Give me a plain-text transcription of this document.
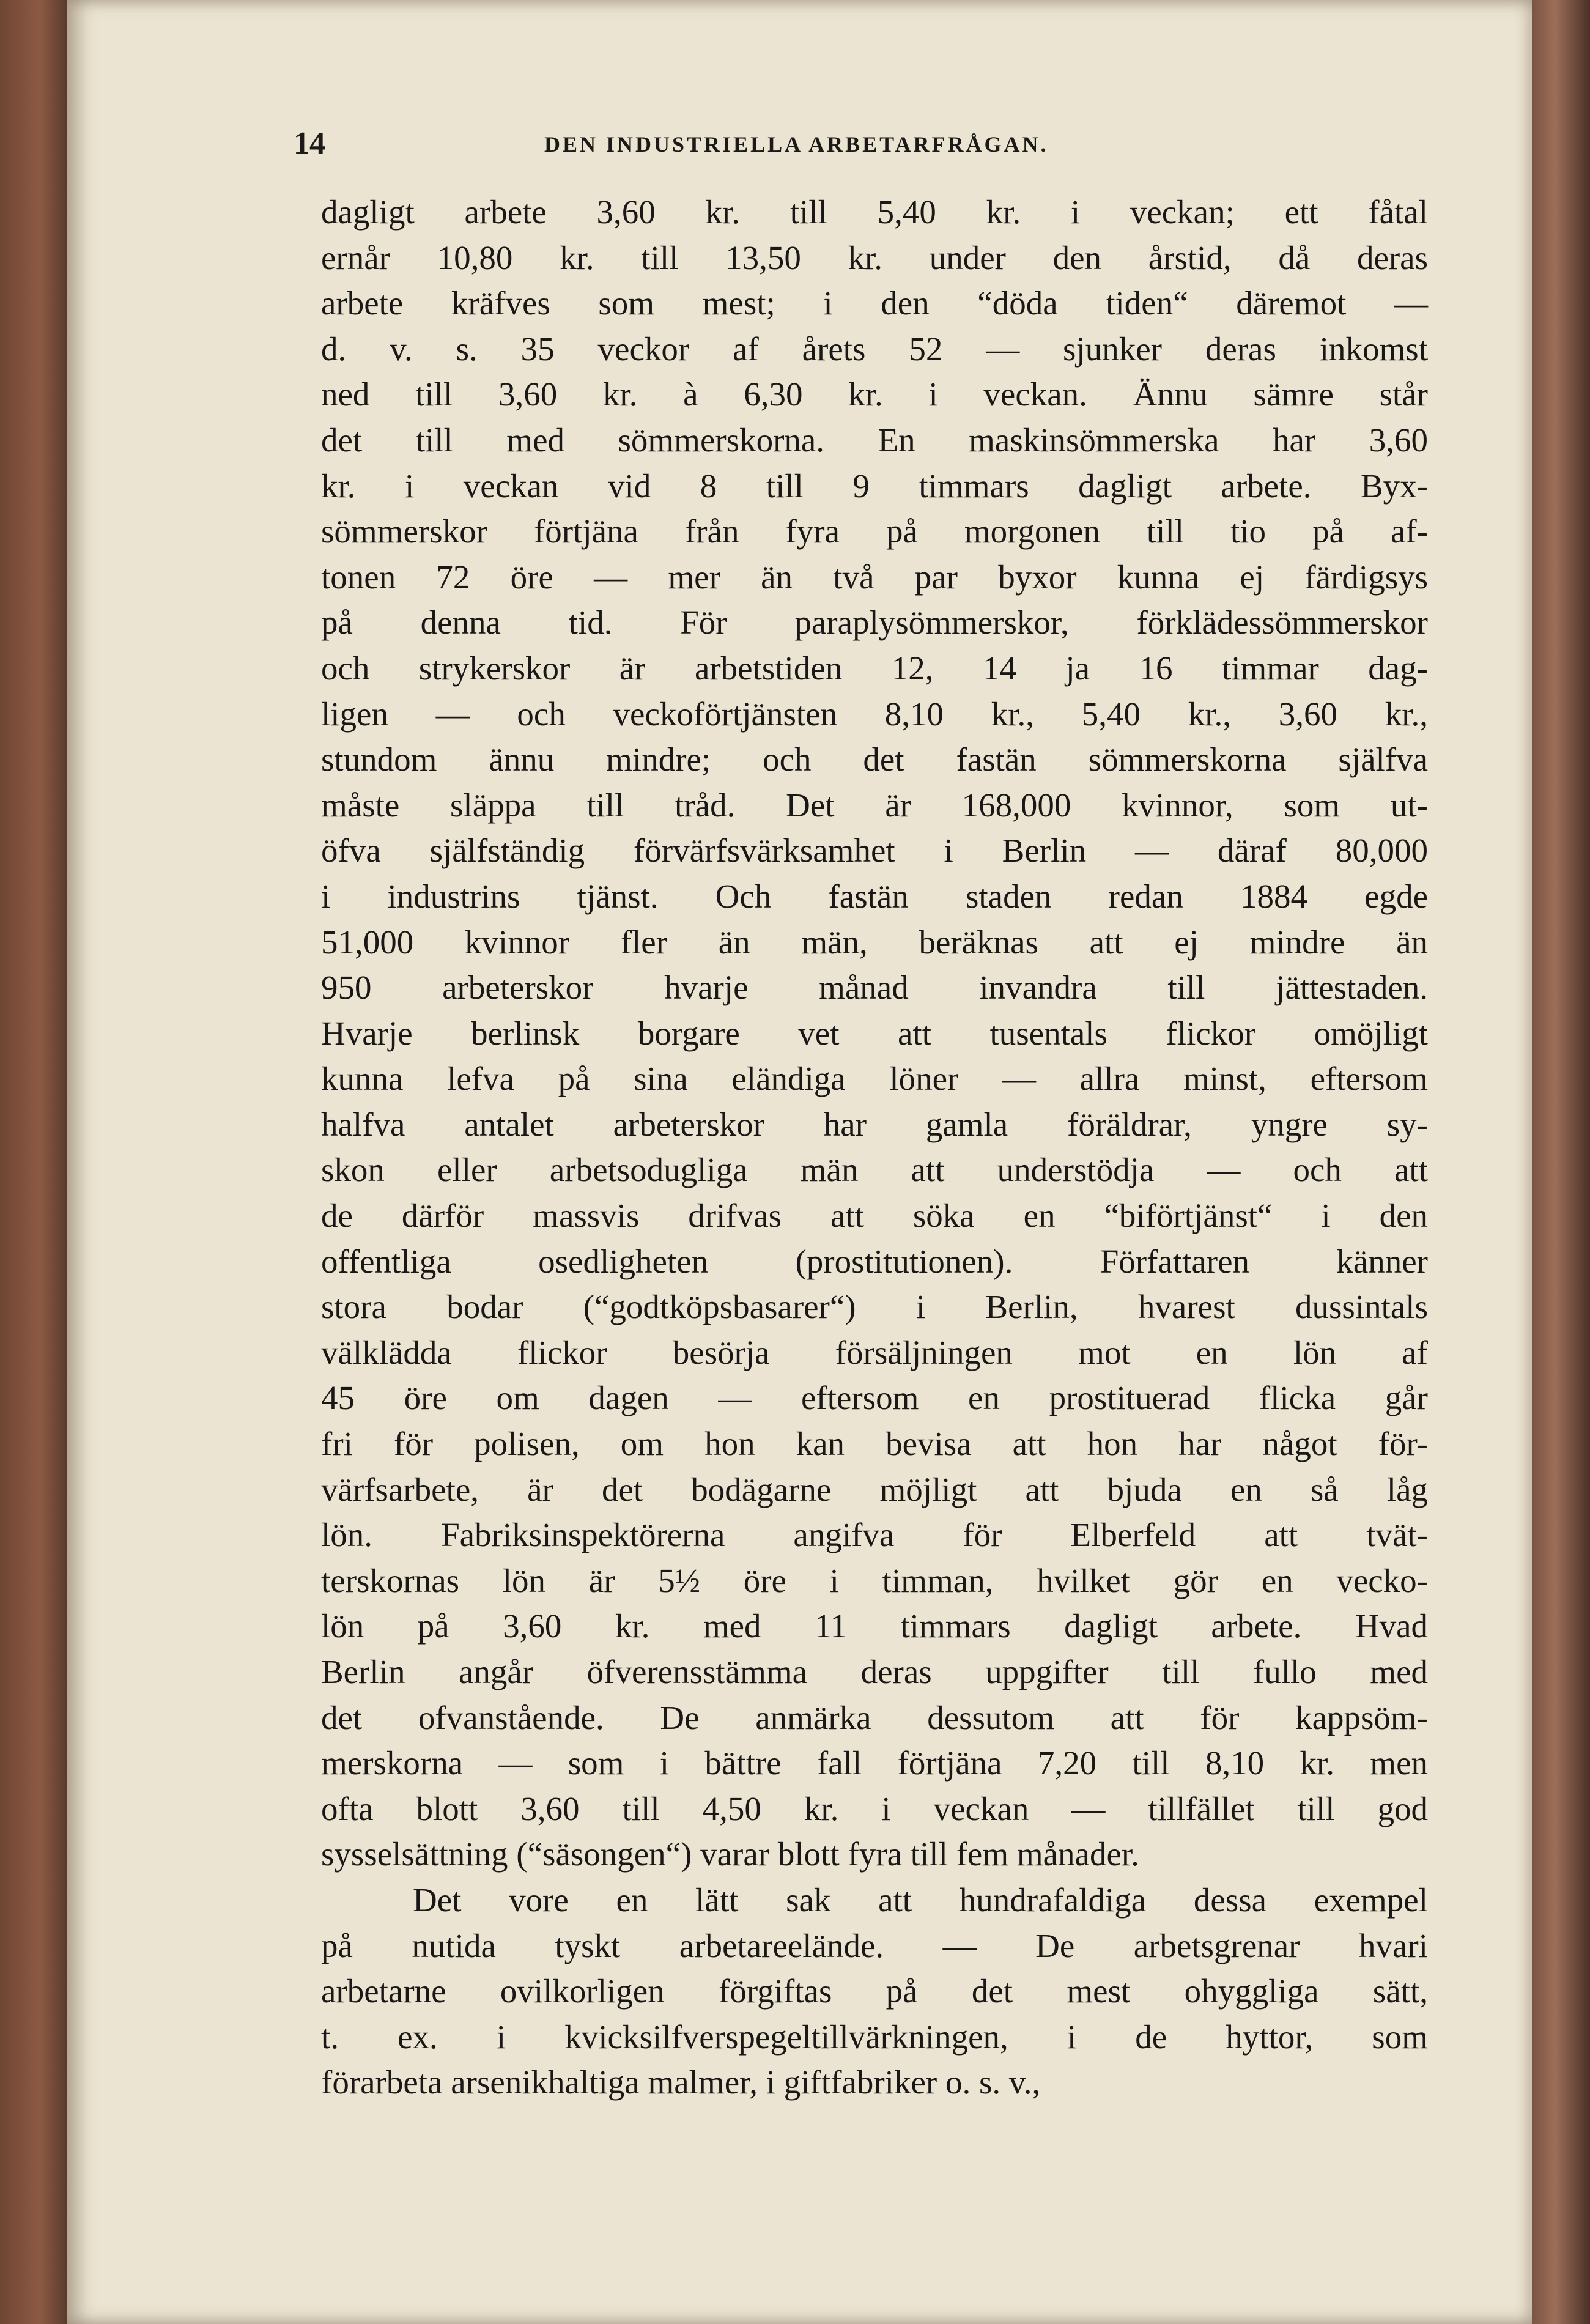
14	DEN INDUSTRIELLA ARBETARFRÅGAN.
dagligt arbete 3,60 kr. till 5,40 kr. i veckan; ett fåtal
ernår 10,80 kr. till 13,50 kr. under den årstid, då deras
arbete kräfves som mest; i den “döda tiden“ däremot —
d. v. s. 35 veckor af årets 52 — sjunker deras inkomst
ned till 3,60 kr. à 6,30 kr. i veckan. Ännu sämre står
det till med sömmerskorna. En maskinsömmerska har 3,60
kr. i veckan vid 8 till 9 timmars dagligt arbete. Byx-
sömmerskor förtjäna från fyra på morgonen till tio på af-
tonen 72 öre — mer än två par byxor kunna ej färdigsys
på denna tid. För paraplysömmerskor, förklädessömmerskor
och strykerskor är arbetstiden 12, 14 ja 16 timmar dag-
ligen — och veckoförtjänsten 8,10 kr., 5,40 kr., 3,60 kr.,
stundom ännu mindre; och det fastän sömmerskorna själfva
måste släppa till tråd. Det är 168,000 kvinnor, som ut-
öfva själfständig förvärfsvärksamhet i Berlin — däraf 80,000
i industrins tjänst. Och fastän staden redan 1884 egde
51,000 kvinnor fler än män, beräknas att ej mindre än
950 arbeterskor hvarje månad invandra till jättestaden.
Hvarje berlinsk borgare vet att tusentals flickor omöjligt
kunna lefva på sina eländiga löner — allra minst, eftersom
halfva antalet arbeterskor har gamla föräldrar, yngre sy-
skon eller arbetsodugliga män att understödja — och att
de därför massvis drifvas att söka en “biförtjänst“ i den
offentliga osedligheten (prostitutionen). Författaren känner
stora bodar (“godtköpsbasarer“) i Berlin, hvarest dussintals
välklädda flickor besörja försäljningen mot en lön af
45 öre om dagen — eftersom en prostituerad flicka går
fri för polisen, om hon kan bevisa att hon har något för-
värfsarbete, är det bodägarne möjligt att bjuda en så låg
lön. Fabriksinspektörerna angifva för Elberfeld att tvät-
terskornas lön är 5½ öre i timman, hvilket gör en vecko-
lön på 3,60 kr. med 11 timmars dagligt arbete. Hvad
Berlin angår öfverensstämma deras uppgifter till fullo med
det ofvanstående. De anmärka dessutom att för kappsöm-
merskorna — som i bättre fall förtjäna 7,20 till 8,10 kr. men
ofta blott 3,60 till 4,50 kr. i veckan — tillfället till god
sysselsättning (“säsongen“) varar blott fyra till fem månader.
Det vore en lätt sak att hundrafaldiga dessa exempel
på nutida tyskt arbetareelände. — De arbetsgrenar hvari
arbetarne ovilkorligen förgiftas på det mest ohyggliga sätt,
t. ex. i kvicksilfverspegeltillvärkningen, i de hyttor, som
förarbeta arsenikhaltiga malmer, i giftfabriker o. s. v.,
